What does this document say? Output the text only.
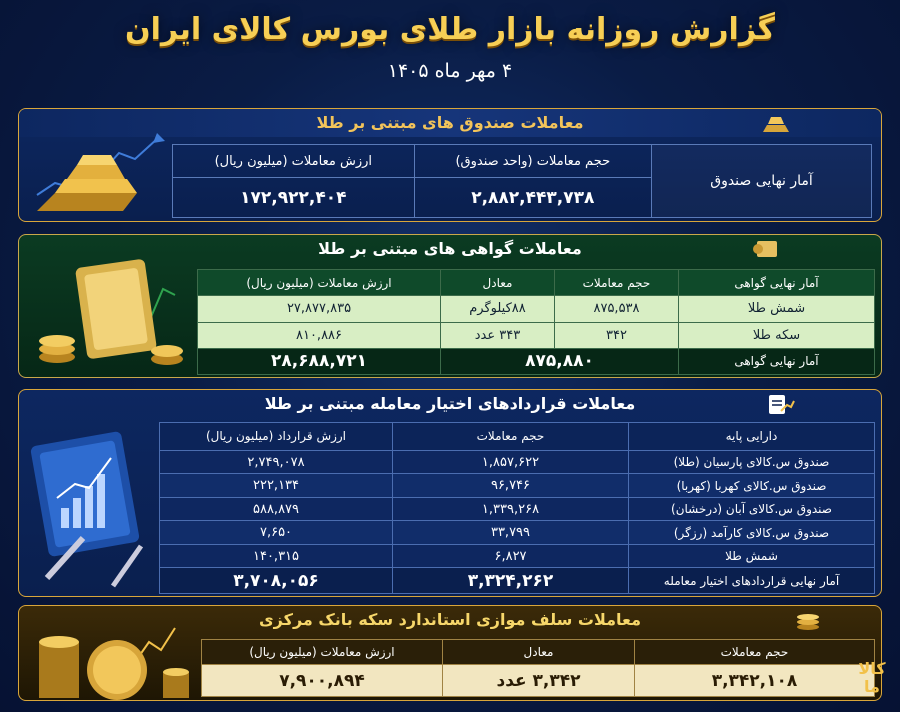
گزارش روزانه بازار طلای بورس کالای ایران
۴ مهر ماه ۱۴۰۵
معاملات صندوق های مبتنی بر طلا
آمار نهایی صندوق	حجم معاملات (واحد صندوق)	ارزش معاملات (میلیون ریال)
	۲,۸۸۲,۴۴۳,۷۳۸	۱۷۲,۹۲۲,۴۰۴
معاملات گواهی های مبتنی بر طلا
آمار نهایی گواهی	حجم معاملات	معادل	ارزش معاملات (میلیون ریال)
شمش طلا	۸۷۵,۵۳۸	۸۸کیلوگرم	۲۷,۸۷۷,۸۳۵
سکه طلا	۳۴۲	۳۴۳ عدد	۸۱۰,۸۸۶
آمار نهایی گواهی	۸۷۵,۸۸۰		۲۸,۶۸۸,۷۲۱
معاملات قراردادهای اختیار معامله مبتنی بر طلا
دارایی پایه	حجم معاملات	ارزش قرارداد (میلیون ریال)
صندوق س.کالای پارسیان (طلا)	۱,۸۵۷,۶۲۲	۲,۷۴۹,۰۷۸
صندوق س.کالای کهربا (کهربا)	۹۶,۷۴۶	۲۲۲,۱۳۴
صندوق س.کالای آبان (درخشان)	۱,۳۳۹,۲۶۸	۵۸۸,۸۷۹
صندوق س.کالای کارآمد (رزگر)	۳۳,۷۹۹	۷,۶۵۰
شمش طلا	۶,۸۲۷	۱۴۰,۳۱۵
آمار نهایی قراردادهای اختیار معامله	۳,۳۲۴,۲۶۲	۳,۷۰۸,۰۵۶
معاملات سلف موازی استاندارد سکه بانک مرکزی
حجم معاملات	معادل	ارزش معاملات (میلیون ریال)
۳,۳۴۲,۱۰۸	۳,۳۴۲ عدد	۷,۹۰۰,۸۹۴
کالا ما
